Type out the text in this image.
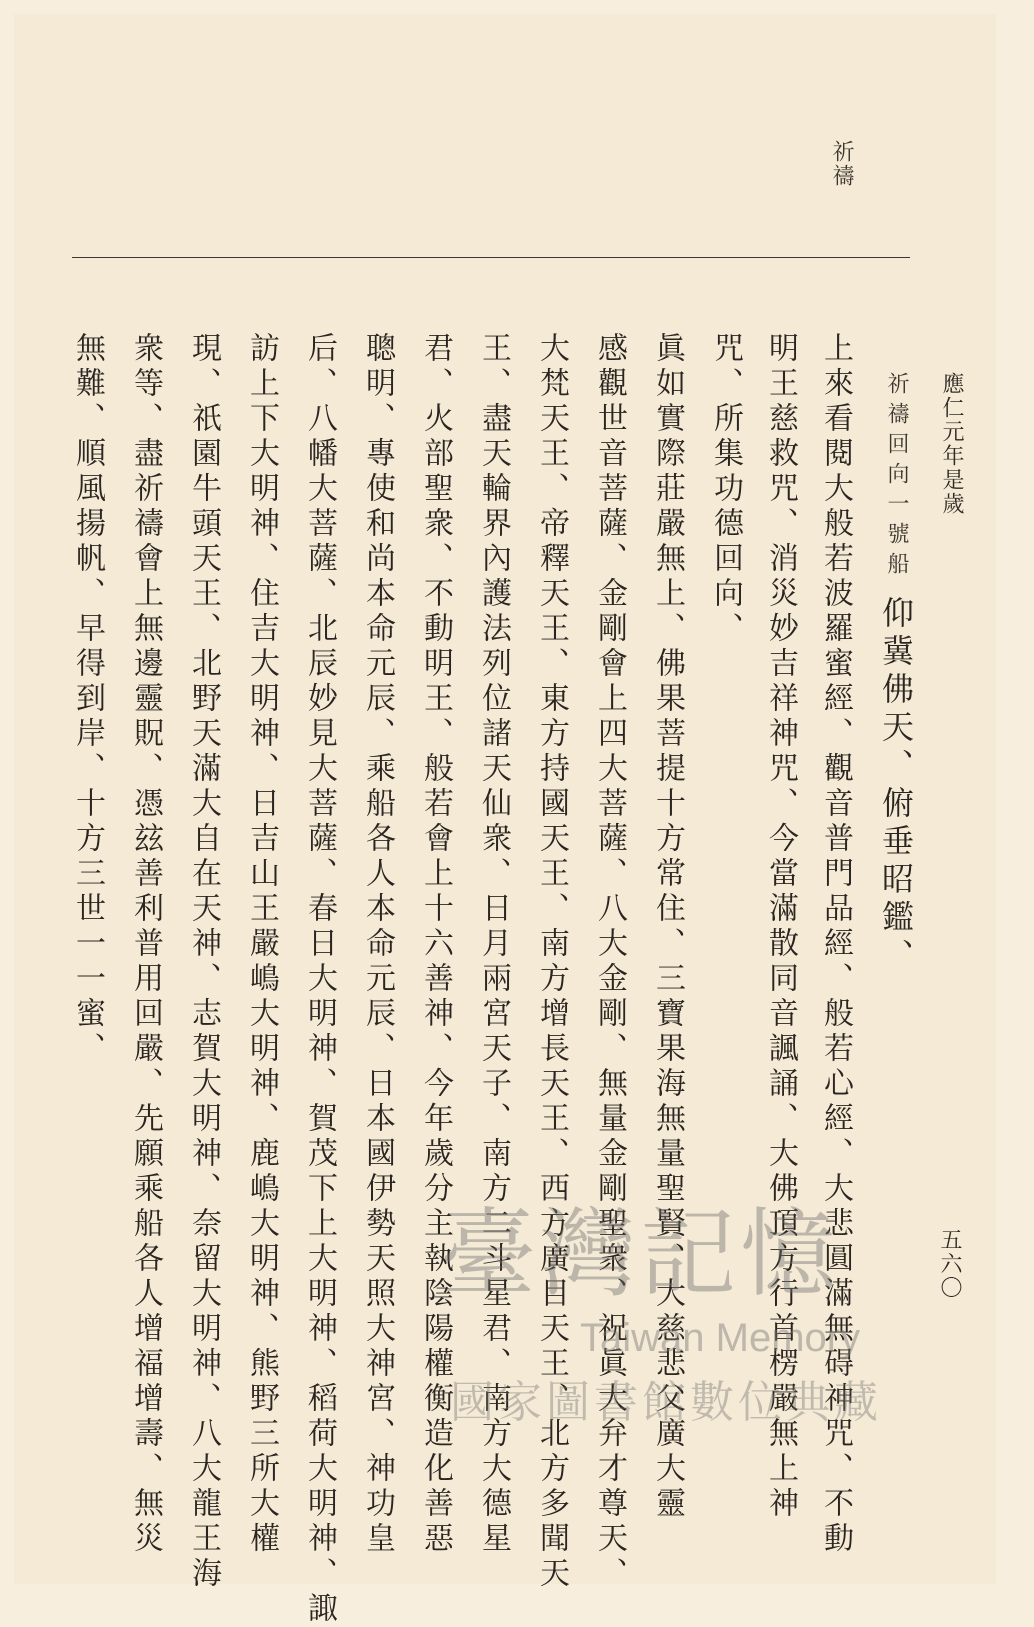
祈禱
應仁元年是歲
五六〇
祈禱回向一號船仰冀佛天、俯垂昭鑑、
上來看閱大般若波羅蜜經、觀音普門品經、般若心經、大悲圓滿無碍神咒、不動
明王慈救咒、消災妙吉祥神咒、今當滿散同音諷誦、大佛頂方行首楞嚴無上神
咒、所集功德回向、
眞如實際莊嚴無上、佛果菩提十方常住、三寶果海無量聖賢、大慈悲父廣大靈
感觀世音菩薩、金剛會上四大菩薩、八大金剛、無量金剛聖衆、祝眞大弁才尊天、
大梵天王、帝釋天王、東方持國天王、南方增長天王、西方廣目天王、北方多聞天
王、盡天輪界內護法列位諸天仙衆、日月兩宮天子、南方二斗星君、南方大德星
君、火部聖衆、不動明王、般若會上十六善神、今年歲分主執陰陽權衡造化善惡
聰明、專使和尚本命元辰、乘船各人本命元辰、日本國伊勢天照大神宮、神功皇
后、八幡大菩薩、北辰妙見大菩薩、春日大明神、賀茂下上大明神、稻荷大明神、諏
訪上下大明神、住吉大明神、日吉山王嚴嶋大明神、鹿嶋大明神、熊野三所大權
現、祇園牛頭天王、北野天滿大自在天神、志賀大明神、奈留大明神、八大龍王海
衆等、盡祈禱會上無邊靈貺、憑玆善利普用回嚴、先願乘船各人增福增壽、無災
無難、順風揚帆、早得到岸、十方三世一一蜜、
臺灣記憶
Taiwan Memory
國家圖書館數位典藏
